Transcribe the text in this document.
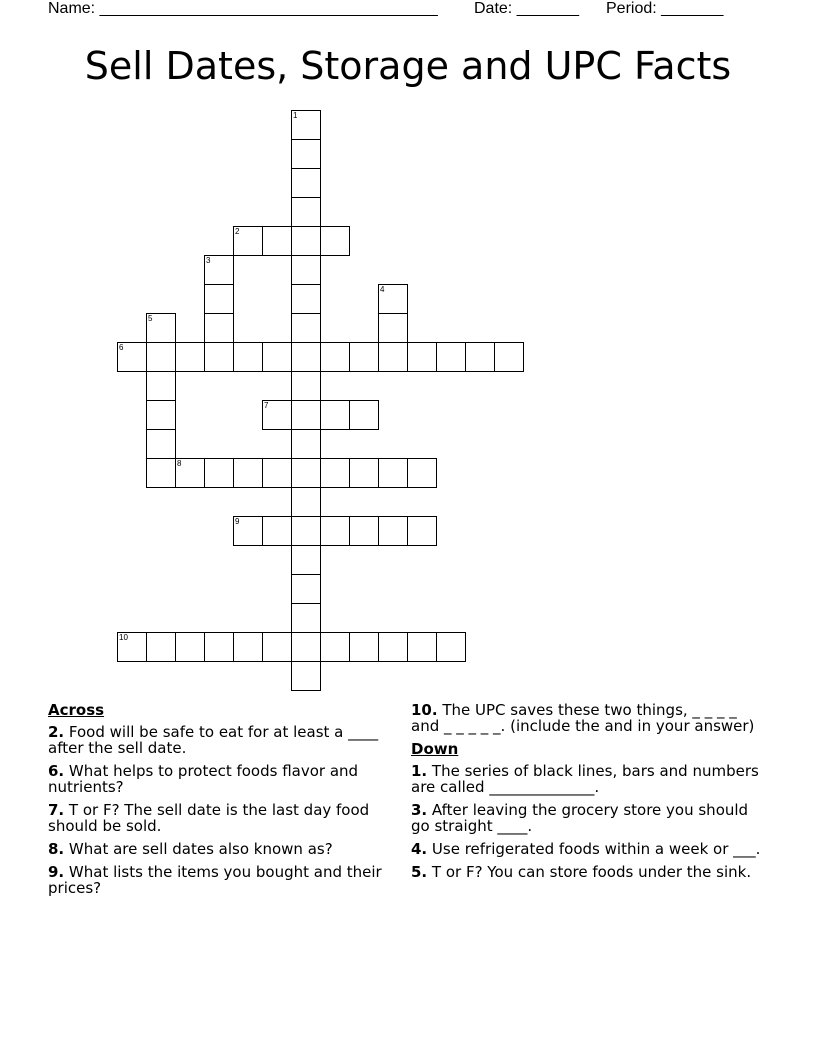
Name: ______________________________________ Date: _______ Period: _______
Sell Dates, Storage and UPC Facts
1
2
3
4
5
6
7
8
9
10
Across
2. Food will be safe to eat for at least a ____ after the sell date.
6. What helps to protect foods flavor and nutrients?
7. T or F? The sell date is the last day food should be sold.
8. What are sell dates also known as?
9. What lists the items you bought and their prices?
10. The UPC saves these two things, _ _ _ _ and _ _ _ _ _. (include the and in your answer)
Down
1. The series of black lines, bars and numbers are called ______________.
3. After leaving the grocery store you should go straight ____.
4. Use refrigerated foods within a week or ___.
5. T or F? You can store foods under the sink.
